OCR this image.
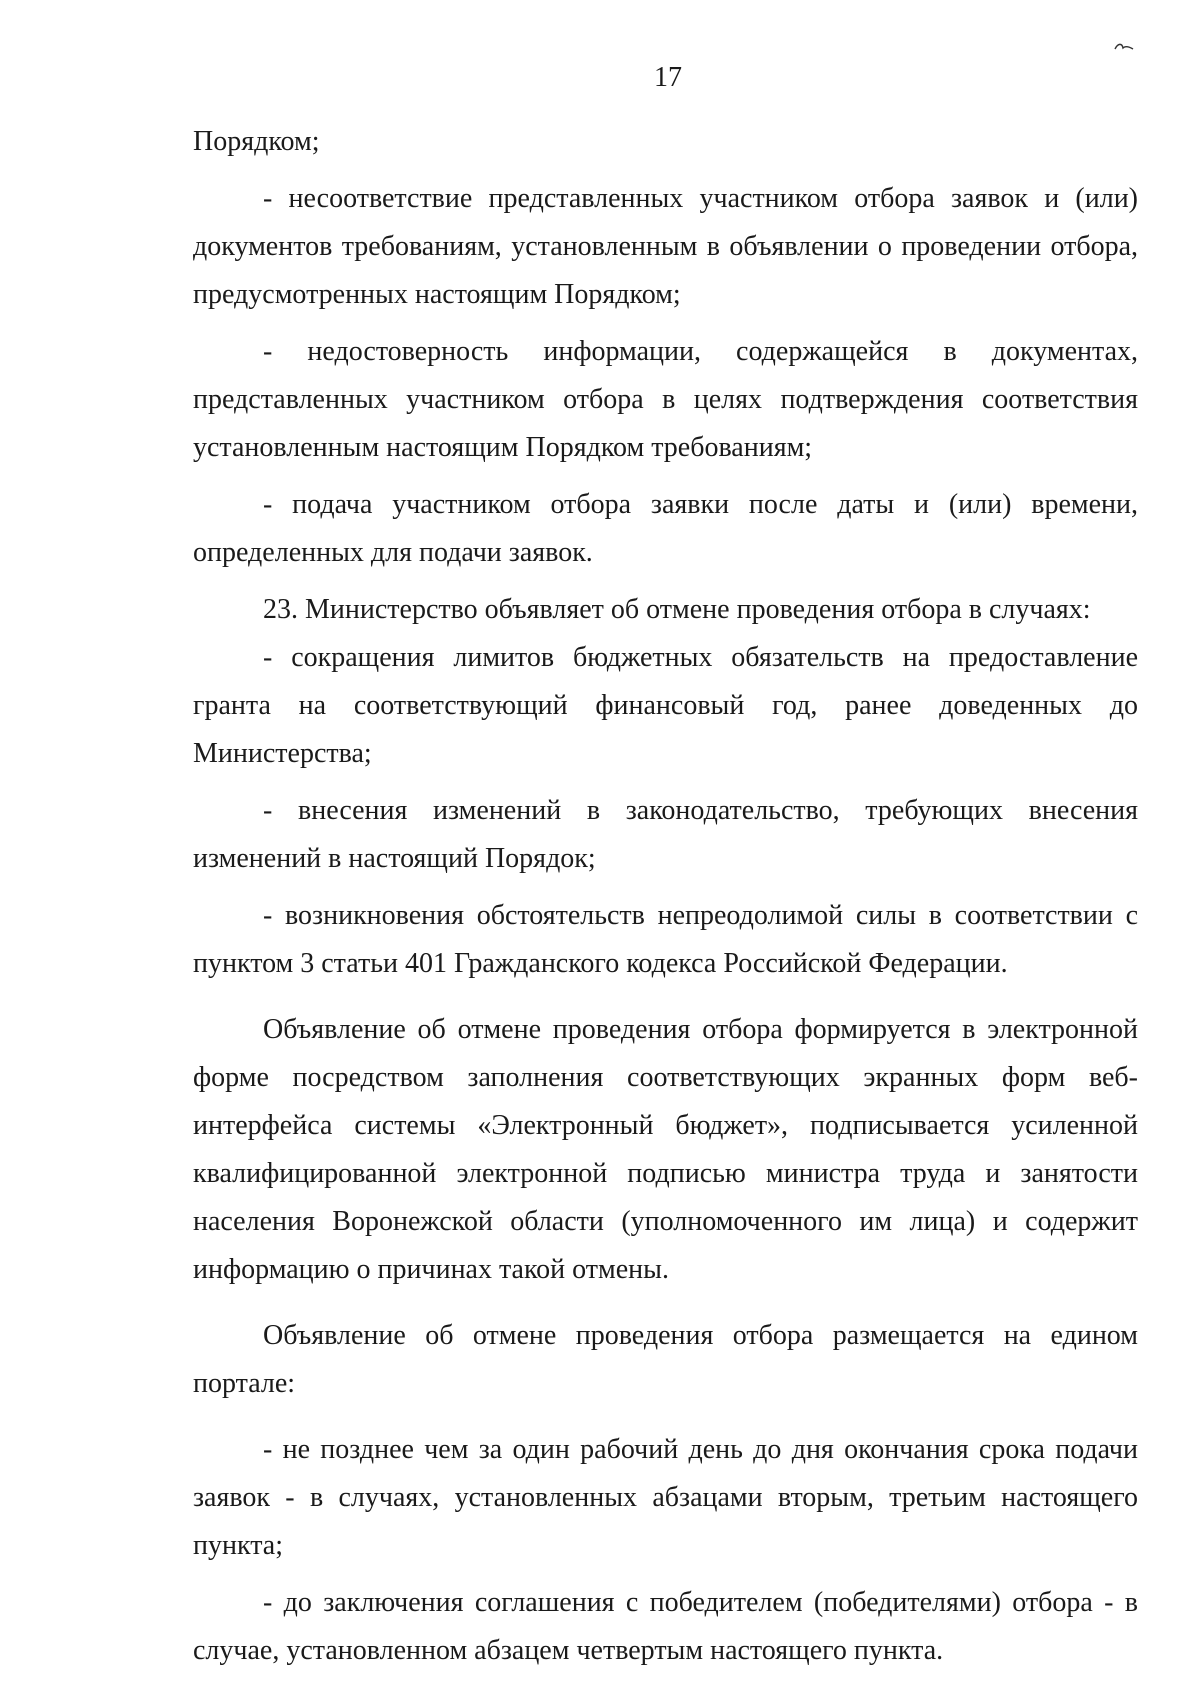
17

Порядком;

- несоответствие представленных участником отбора заявок и (или) документов требованиям, установленным в объявлении о проведении отбора, предусмотренных настоящим Порядком;

- недостоверность информации, содержащейся в документах, представленных участником отбора в целях подтверждения соответствия установленным настоящим Порядком требованиям;

- подача участником отбора заявки после даты и (или) времени, определенных для подачи заявок.

23. Министерство объявляет об отмене проведения отбора в случаях:

- сокращения лимитов бюджетных обязательств на предоставление гранта на соответствующий финансовый год, ранее доведенных до Министерства;

- внесения изменений в законодательство, требующих внесения изменений в настоящий Порядок;

- возникновения обстоятельств непреодолимой силы в соответствии с пунктом 3 статьи 401 Гражданского кодекса Российской Федерации.

Объявление об отмене проведения отбора формируется в электронной форме посредством заполнения соответствующих экранных форм веб-интерфейса системы «Электронный бюджет», подписывается усиленной квалифицированной электронной подписью министра труда и занятости населения Воронежской области (уполномоченного им лица) и содержит информацию о причинах такой отмены.

Объявление об отмене проведения отбора размещается на едином портале:

- не позднее чем за один рабочий день до дня окончания срока подачи заявок - в случаях, установленных абзацами вторым, третьим настоящего пункта;

- до заключения соглашения с победителем (победителями) отбора - в случае, установленном абзацем четвертым настоящего пункта.
